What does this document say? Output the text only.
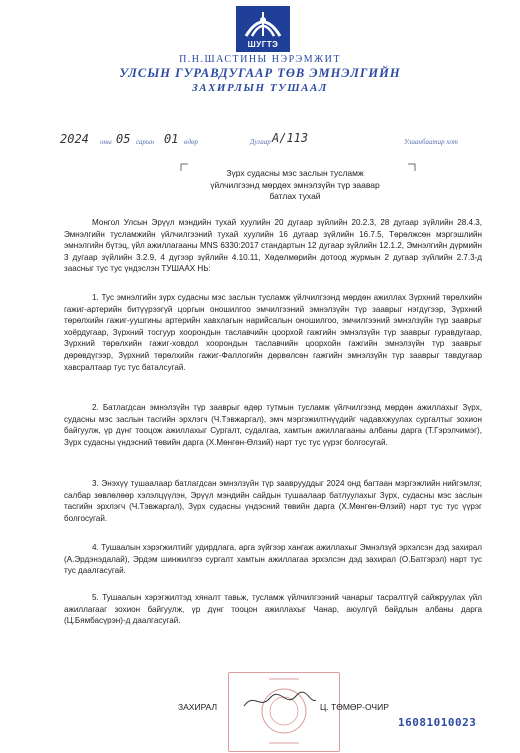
ШУГТЭ
П.Н.ШАСТИНЫ НЭРЭМЖИТ
УЛСЫН ГУРАВДУГААР ТӨВ ЭМНЭЛГИЙН
ЗАХИРЛЫН ТУШААЛ
2024 оны 05 сарын 01 өдөр	Дугаар А/113	Улаанбаатар хот
Зүрх судасны мэс заслын тусламж
үйлчилгээнд мөрдөх эмнэлзүйн түр заавар
батлах тухай

Монгол Улсын Эрүүл мэндийн тухай хуулийн 20 дугаар зүйлийн 20.2.3, 28 дугаар зүйлийн 28.4.3, Эмнэлгийн тусламжийн үйлчилгээний тухай хуулийн 16 дугаар зүйлийн 16.7.5, Төрөлжсөн мэргэшлийн эмнэлгийн бүтэц, үйл ажиллагааны MNS 6330:2017 стандартын 12 дугаар зүйлийн 12.1.2, Эмнэлгийн дүрмийн 3 дугаар зүйлийн 3.2.9, 4 дүгээр зүйлийн 4.10.11, Хөдөлмөрийн дотоод журмын 2 дугаар зүйлийн 2.7.3-д заасныг тус тус үндэслэн ТУШААХ НЬ:

1. Тус эмнэлгийн зүрх судасны мэс заслын тусламж үйлчилгээнд мөрдөн ажиллах Зүрхний төрөлхийн гажиг-артерийн битүүрээгүй цоргын оношилгоо эмчилгээний эмнэлзүйн түр зааврыг нэгдүгээр, Зүрхний төрөлхийн гажиг-уушгины артерийн хавхлагын нарийсалын оношилгоо, эмчилгээний эмнэлзүйн түр зааврыг хоёрдугаар, Зүрхний тосгуур хоорондын таславчийн цоорхой гажгийн эмнэлзүйн түр зааврыг гуравдугаар, Зүрхний төрөлхийн гажиг-ховдол хоорондын таславчийн цоорхойн гажгийн эмнэлзүйн түр зааврыг дөрөвдүгээр, Зүрхний төрөлхийн гажиг-Фаллогийн дөрвөлсөн гажгийн эмнэлзүйн түр зааврыг тавдугаар хавсралтаар тус тус баталсугай.

2. Батлагдсан эмнэлзүйн түр зааврыг өдөр тутмын тусламж үйлчилгээнд мөрдөн ажиллахыг Зүрх, судасны мэс заслын тасгийн эрхлэгч (Ч.Тэвжаргал), эмч мэргэжилтнүүдийг чадавхжуулах сургалтыг зохион байгуулж, үр дүнг тооцож ажиллахыг Сургалт, судалгаа, хамтын ажиллагааны албаны дарга (Т.Гэрэлчимэг), Зүрх судасны үндэсний төвийн дарга (Х.Мөнгөн-Өлзий) нарт тус тус үүрэг болгосугай.

3. Энэхүү тушаалаар батлагдсан эмнэлзүйн түр зааврууддыг 2024 онд багтаан мэргэжлийн нийгэмлэг, салбар зөвлөлөөр хэлэлцүүлэн, Эрүүл мэндийн сайдын тушаалаар батлуулахыг Зүрх, судасны мэс заслын тасгийн эрхлэгч (Ч.Тэвжаргал), Зүрх судасны үндэсний төвийн дарга (Х.Мөнгөн-Өлзий) нарт тус тус үүрэг болгосугай.

4. Тушаалын хэрэгжилтийг удирдлага, арга зүйгээр хангаж ажиллахыг Эмнэлзүй эрхэлсэн дэд захирал (А.Эрдэнэдалай), Эрдэм шинжилгээ сургалт хамтын ажиллагаа эрхэлсэн дэд захирал (О.Батгэрэл) нарт тус тус даалгасугай.

5. Тушаалын хэрэгжилтэд хяналт тавьж, тусламж үйлчилгээний чанарыг тасралтгүй сайжруулах үйл ажиллагааг зохион байгуулж, үр дүнг тооцон ажиллахыг Чанар, аюулгүй байдлын албаны дарга (Ц.Бямбасүрэн)-д даалгасугай.

ЗАХИРАЛ	Ц. ТӨМӨР-ОЧИР
16081010023
